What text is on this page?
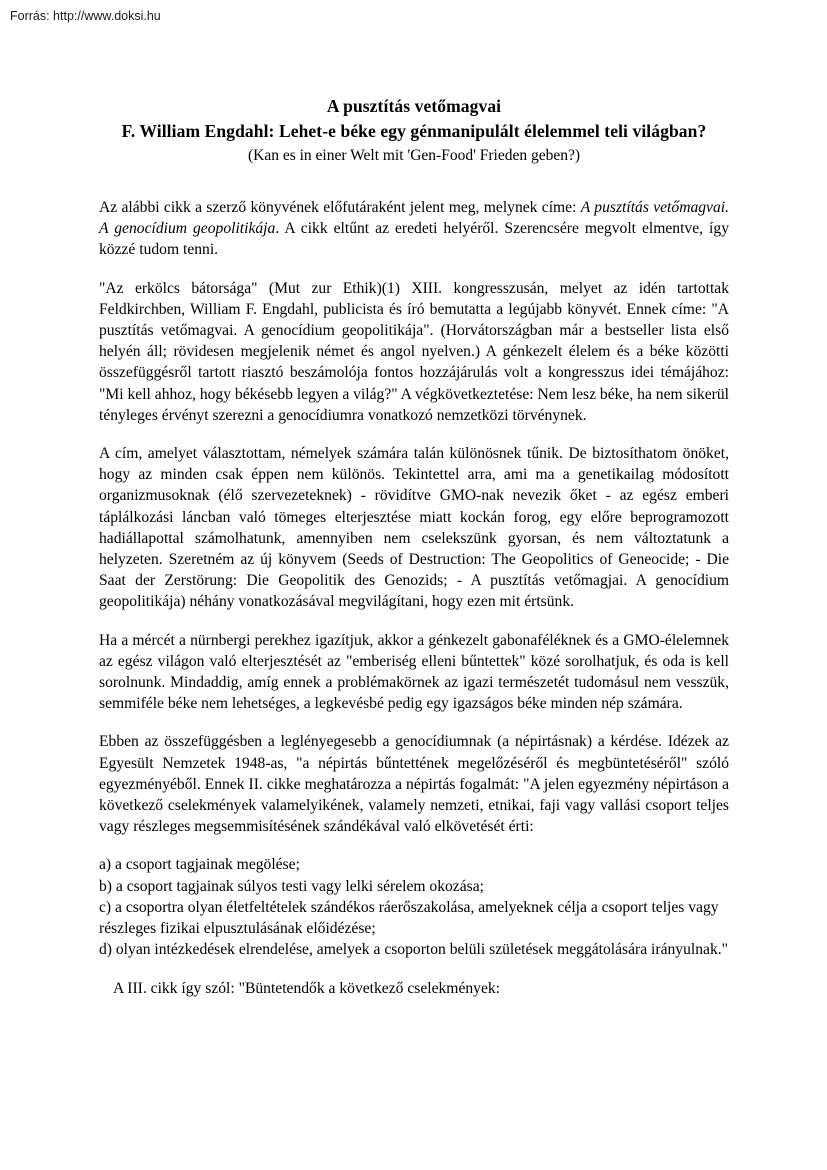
Forrás: http://www.doksi.hu
A pusztítás vetőmagvai
F. William Engdahl: Lehet-e béke egy génmanipulált élelemmel teli világban?
(Kan es in einer Welt mit 'Gen-Food' Frieden geben?)

Az alábbi cikk a szerző könyvének előfutáraként jelent meg, melynek címe: A pusztítás vetőmagvai. A genocídium geopolitikája. A cikk eltűnt az eredeti helyéről. Szerencsére megvolt elmentve, így közzé tudom tenni.

"Az erkölcs bátorsága" (Mut zur Ethik)(1) XIII. kongresszusán, melyet az idén tartottak Feldkirchben, William F. Engdahl, publicista és író bemutatta a legújabb könyvét. Ennek címe: "A pusztítás vetőmagvai. A genocídium geopolitikája". (Horvátországban már a bestseller lista első helyén áll; rövidesen megjelenik német és angol nyelven.) A génkezelt élelem és a béke közötti összefüggésről tartott riasztó beszámolója fontos hozzájárulás volt a kongresszus idei témájához: "Mi kell ahhoz, hogy békésebb legyen a világ?" A végkövetkeztetése: Nem lesz béke, ha nem sikerül tényleges érvényt szerezni a genocídiumra vonatkozó nemzetközi törvénynek.

A cím, amelyet választottam, némelyek számára talán különösnek tűnik. De biztosíthatom önöket, hogy az minden csak éppen nem különös. Tekintettel arra, ami ma a genetikailag módosított organizmusoknak (élő szervezeteknek) - rövidítve GMO-nak nevezik őket - az egész emberi táplálkozási láncban való tömeges elterjesztése miatt kockán forog, egy előre beprogramozott hadiállapottal számolhatunk, amennyiben nem cselekszünk gyorsan, és nem változtatunk a helyzeten. Szeretném az új könyvem (Seeds of Destruction: The Geopolitics of Geneocide; - Die Saat der Zerstörung: Die Geopolitik des Genozids; - A pusztítás vetőmagjai. A genocídium geopolitikája) néhány vonatkozásával megvilágítani, hogy ezen mit értsünk.

Ha a mércét a nürnbergi perekhez igazítjuk, akkor a génkezelt gabonaféléknek és a GMO-élelemnek az egész világon való elterjesztését az "emberiség elleni bűntettek" közé sorolhatjuk, és oda is kell sorolnunk. Mindaddig, amíg ennek a problémakörnek az igazi természetét tudomásul nem vesszük, semmiféle béke nem lehetséges, a legkevésbé pedig egy igazságos béke minden nép számára.

Ebben az összefüggésben a leglényegesebb a genocídiumnak (a népirtásnak) a kérdése. Idézek az Egyesült Nemzetek 1948-as, "a népirtás bűntettének megelőzéséről és megbüntetéséről" szóló egyezményéből. Ennek II. cikke meghatározza a népirtás fogalmát: "A jelen egyezmény népirtáson a következő cselekmények valamelyikének, valamely nemzeti, etnikai, faji vagy vallási csoport teljes vagy részleges megsemmisítésének szándékával való elkövetését érti:

a) a csoport tagjainak megölése;

b) a csoport tagjainak súlyos testi vagy lelki sérelem okozása;

c) a csoportra olyan életfeltételek szándékos ráerőszakolása, amelyeknek célja a csoport teljes vagy részleges fizikai elpusztulásának előidézése;

d) olyan intézkedések elrendelése, amelyek a csoporton belüli születések meggátolására irányulnak."

A III. cikk így szól: "Büntetendők a következő cselekmények:
